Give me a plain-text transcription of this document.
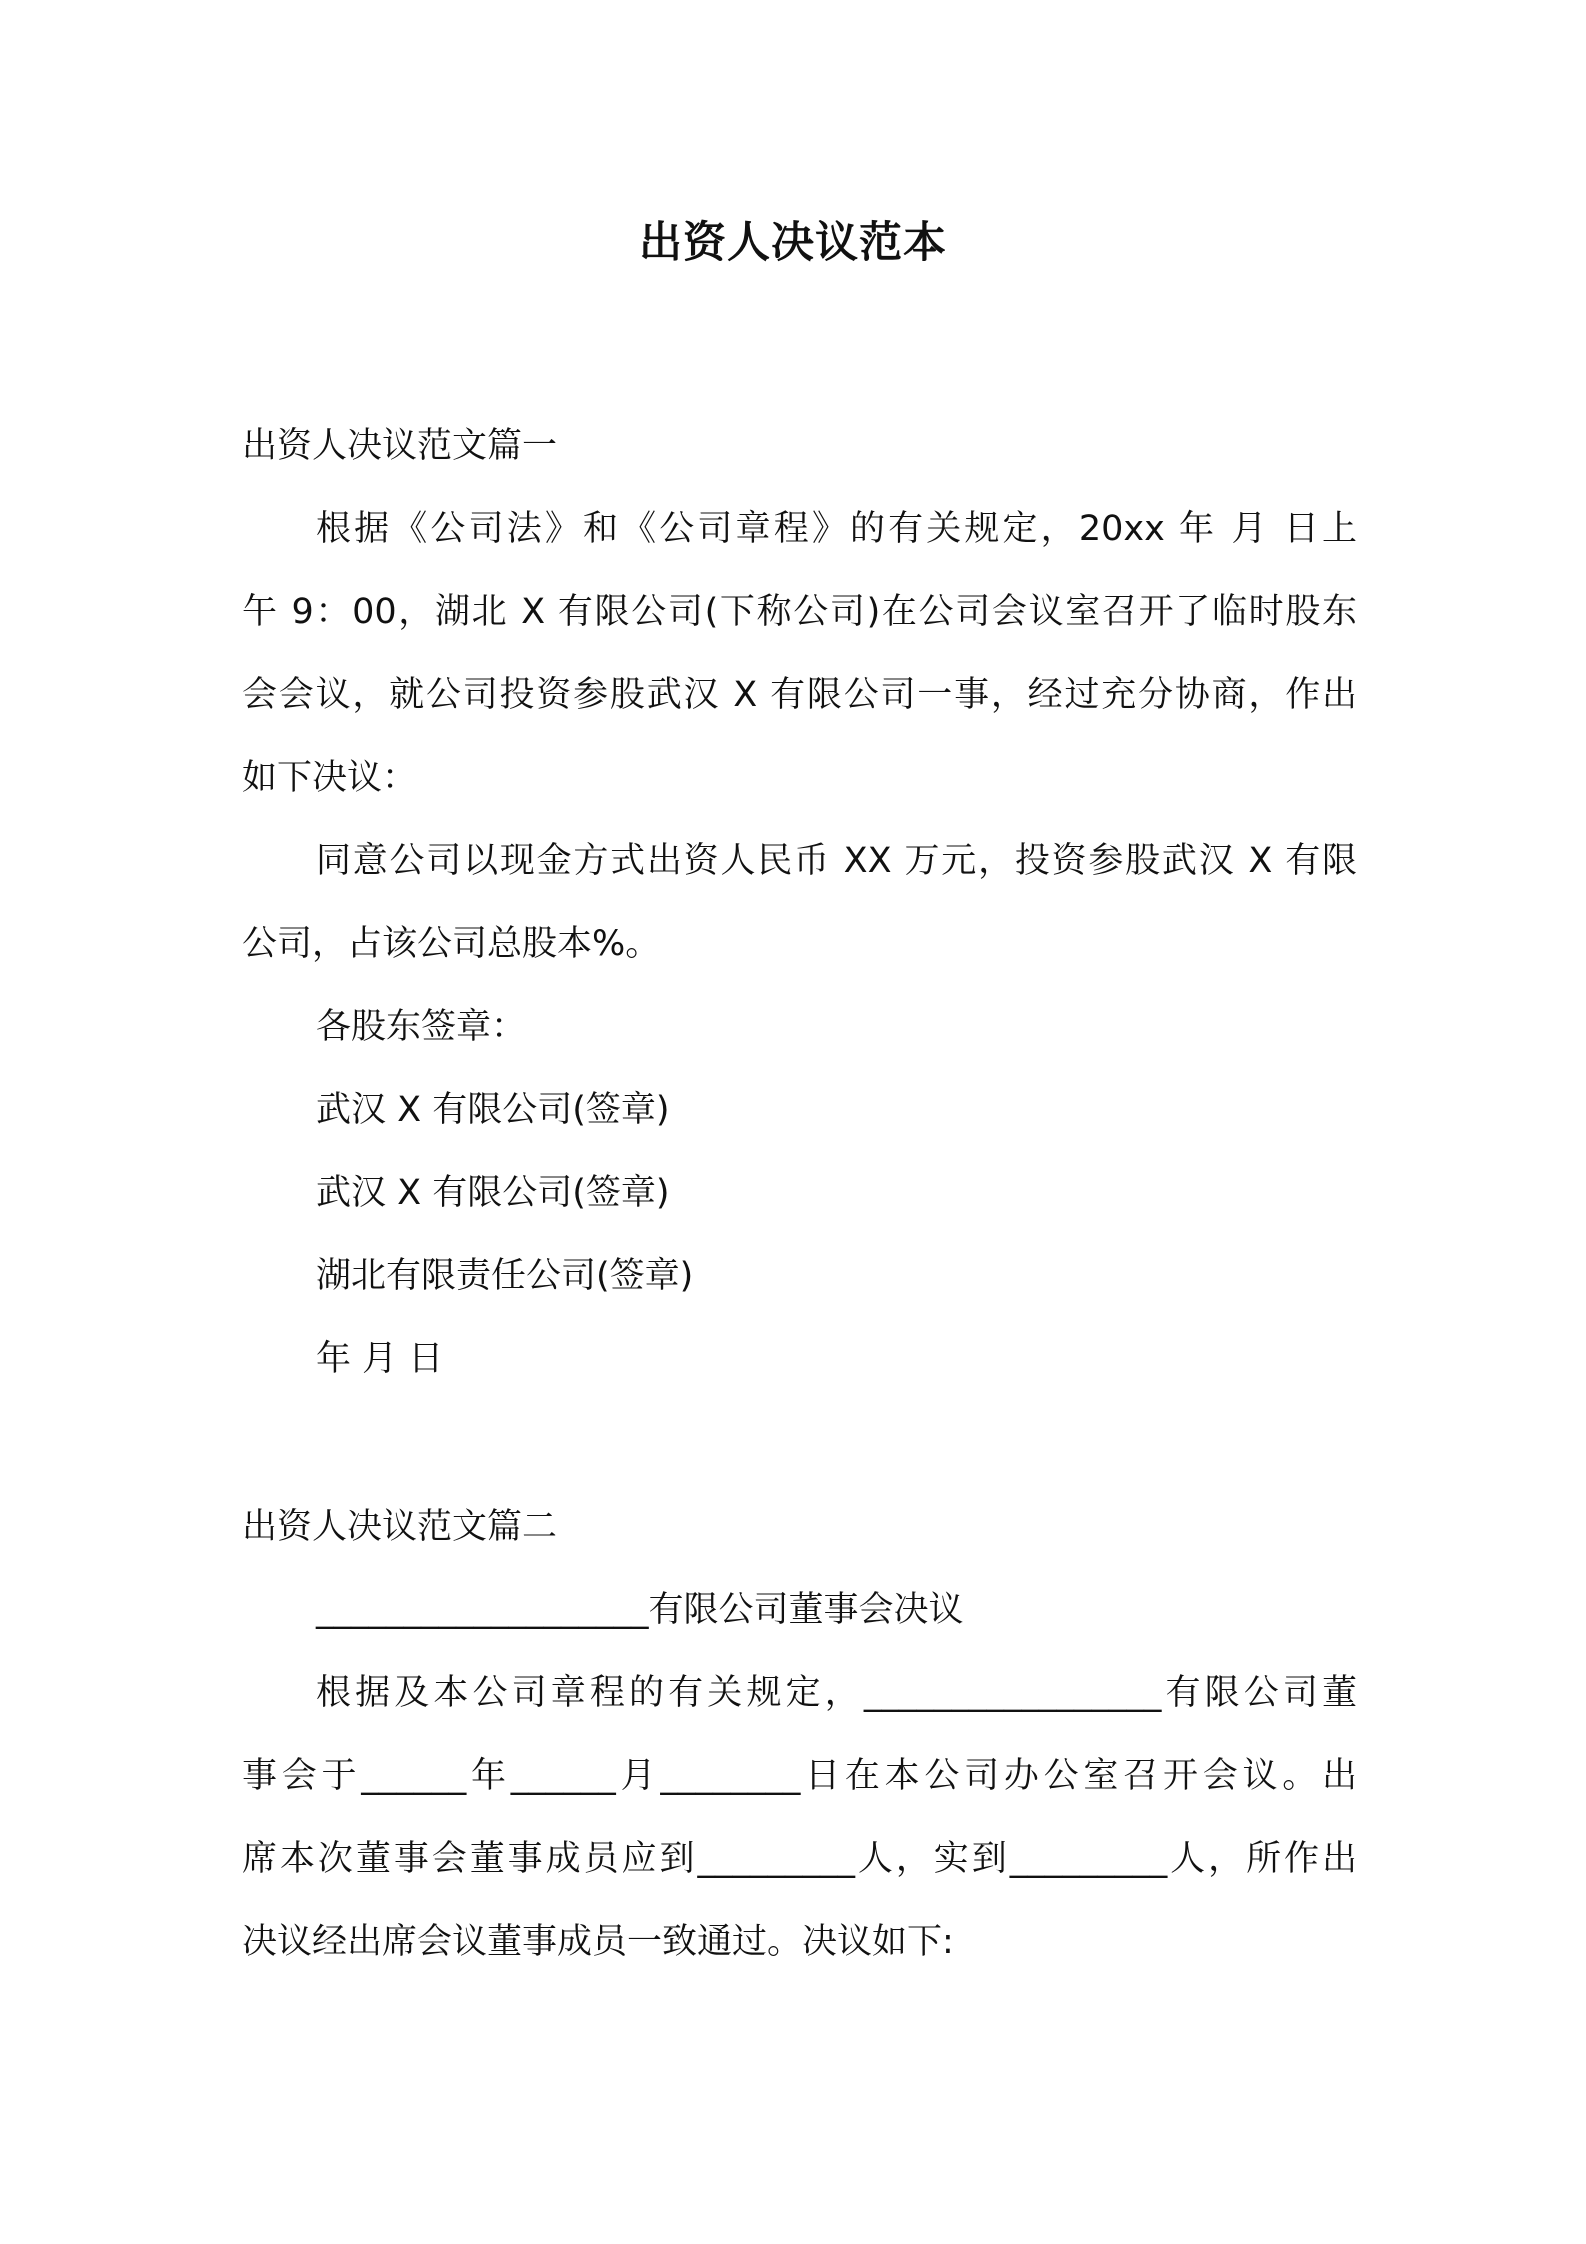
出资人决议范本
出资人决议范文篇一
根据《公司法》和《公司章程》的有关规定，20xx 年 月 日上
午 9：00，湖北 X 有限公司(下称公司)在公司会议室召开了临时股东
会会议，就公司投资参股武汉 X 有限公司一事，经过充分协商，作出
如下决议：
同意公司以现金方式出资人民币 XX 万元，投资参股武汉 X 有限
公司，占该公司总股本%。
各股东签章：
武汉 X 有限公司(签章)
武汉 X 有限公司(签章)
湖北有限责任公司(签章)
年 月 日
出资人决议范文篇二
___________________有限公司董事会决议
根据及本公司章程的有关规定，_________________有限公司董
事会于______年______月________日在本公司办公室召开会议。出
席本次董事会董事成员应到_________人，实到_________人，所作出
决议经出席会议董事成员一致通过。决议如下:
